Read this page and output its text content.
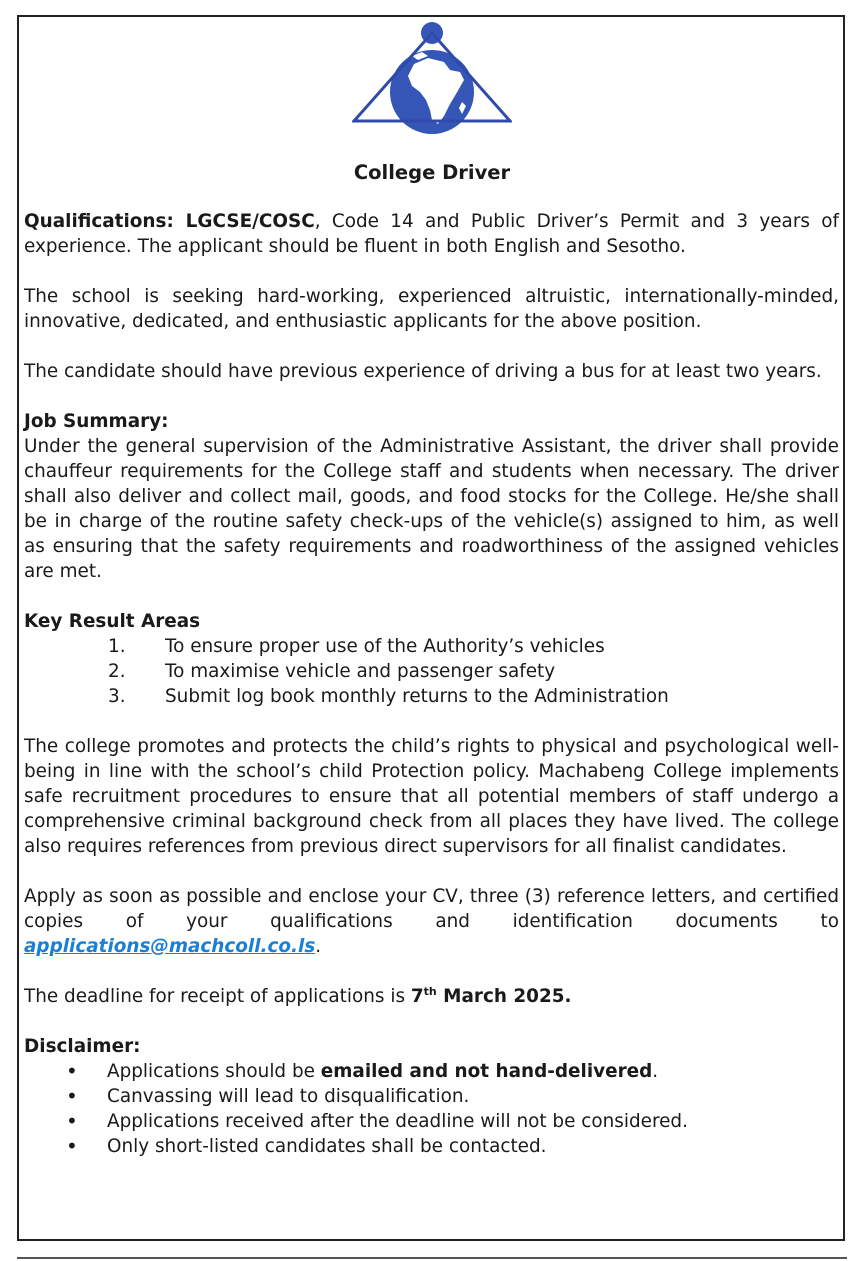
College Driver

Qualifications: LGCSE/COSC, Code 14 and Public Driver’s Permit and 3 years of experience. The applicant should be fluent in both English and Sesotho.

The school is seeking hard-working, experienced altruistic, internationally-minded, innovative, dedicated, and enthusiastic applicants for the above position.

The candidate should have previous experience of driving a bus for at least two years.

Job Summary:

Under the general supervision of the Administrative Assistant, the driver shall provide chauffeur requirements for the College staff and students when necessary. The driver shall also deliver and collect mail, goods, and food stocks for the College. He/she shall be in charge of the routine safety check-ups of the vehicle(s) assigned to him, as well as ensuring that the safety requirements and roadworthiness of the assigned vehicles are met.

Key Result Areas

1. To ensure proper use of the Authority’s vehicles
2. To maximise vehicle and passenger safety
3. Submit log book monthly returns to the Administration

The college promotes and protects the child’s rights to physical and psychological well-being in line with the school’s child Protection policy. Machabeng College implements safe recruitment procedures to ensure that all potential members of staff undergo a comprehensive criminal background check from all places they have lived. The college also requires references from previous direct supervisors for all finalist candidates.

Apply as soon as possible and enclose your CV, three (3) reference letters, and certified copies of your qualifications and identification documents to applications@machcoll.co.ls.

The deadline for receipt of applications is 7th March 2025.

Disclaimer:

• Applications should be emailed and not hand-delivered.
• Canvassing will lead to disqualification.
• Applications received after the deadline will not be considered.
• Only short-listed candidates shall be contacted.
